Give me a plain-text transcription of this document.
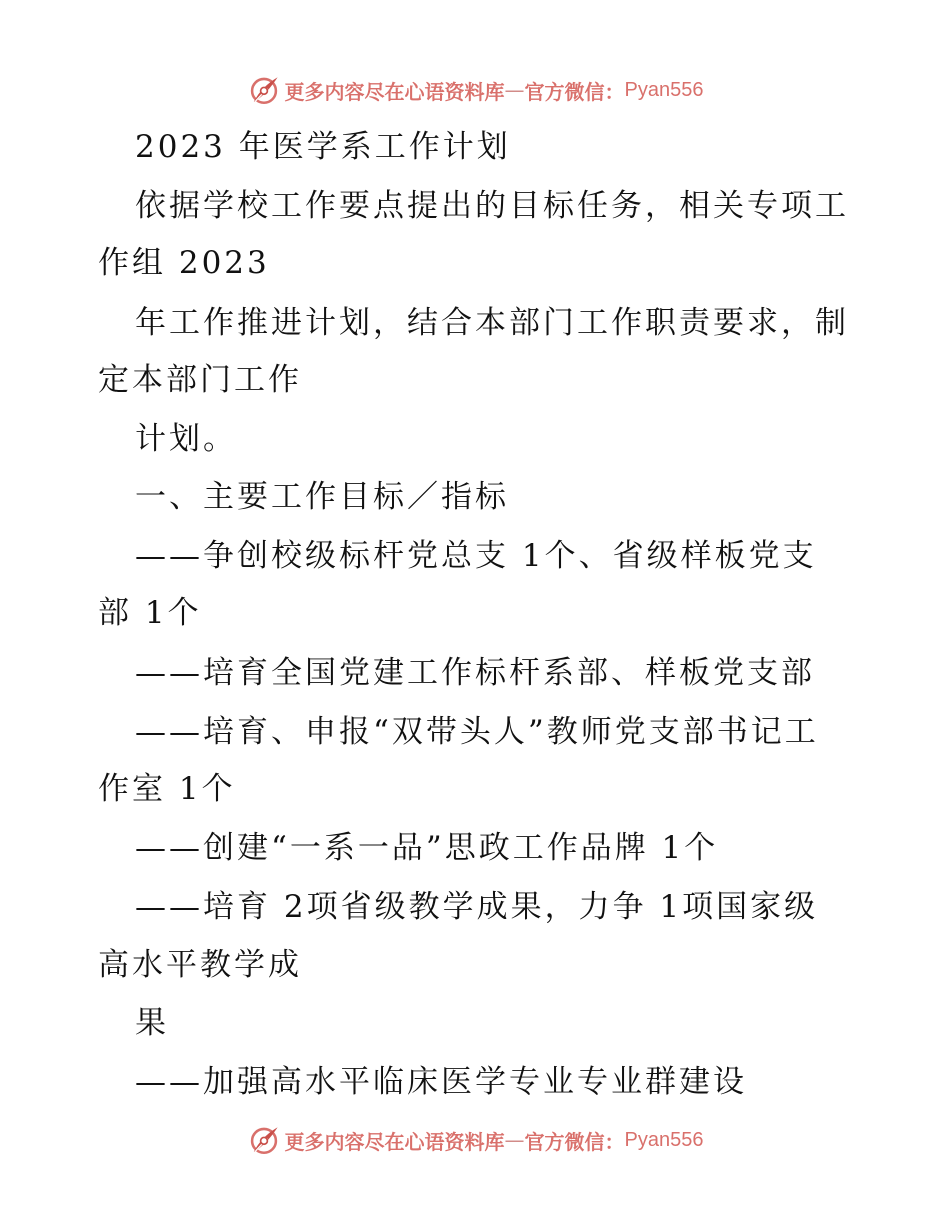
更多内容尽在心语资料库 — 官方微信： Pyan556
2023 年医学系工作计划
依据学校工作要点提出的目标任务，相关专项工
作组 2023
年工作推进计划，结合本部门工作职责要求，制
定本部门工作
计划。
一、主要工作目标／指标
——争创校级标杆党总支 1个、省级样板党支
部 1个
——培育全国党建工作标杆系部、样板党支部
——培育、申报“双带头人”教师党支部书记工
作室 1个
——创建“一系一品”思政工作品牌 1个
——培育 2项省级教学成果，力争 1项国家级
高水平教学成
果
——加强高水平临床医学专业专业群建设
更多内容尽在心语资料库 — 官方微信： Pyan556
